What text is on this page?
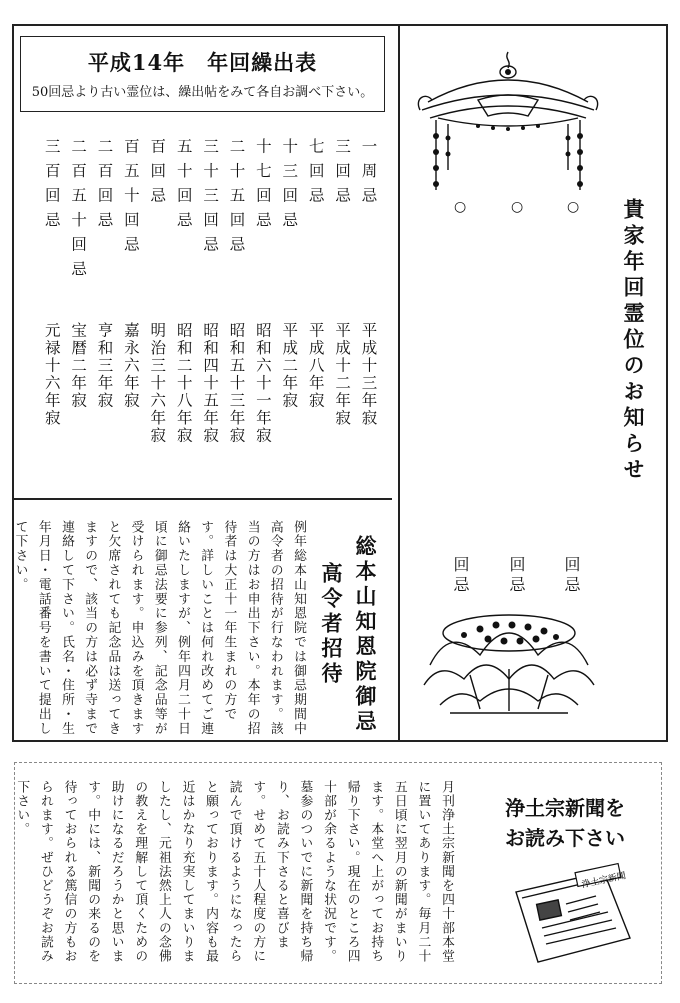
平成14年　年回繰出表
50回忌より古い霊位は、繰出帖をみて各自お調べ下さい。
一周忌
平成十三年寂
三回忌
平成十二年寂
七回忌
平成八年寂
十三回忌
平成二年寂
十七回忌
昭和六十一年寂
二十五回忌
昭和五十三年寂
三十三回忌
昭和四十五年寂
五十回忌
昭和二十八年寂
百回忌
明治三十六年寂
百五十回忌
嘉永六年寂
二百回忌
亨和三年寂
二百五十回忌
宝暦二年寂
三百回忌
元禄十六年寂
○	○	○ 貴家年回霊位のお知らせ
回忌 回忌 回忌
総本山知恩院御忌
高令者招待
例年総本山知恩院では御忌期間中高令者の招待が行なわれます。該当の方はお申出下さい。本年の招待者は大正十一年生まれの方です。詳しいことは何れ改めてご連絡いたしますが、例年四月二十日頃に御忌法要に参列、記念品等が受けられます。申込みを頂きますと欠席されても記念品は送ってきますので、該当の方は必ず寺まで連絡して下さい。氏名・住所・生年月日・電話番号を書いて提出して下さい。
浄土宗新聞を
お読み下さい
月刊浄土宗新聞を四十部本堂に置いてあります。毎月二十五日頃に翌月の新聞がまいります。本堂へ上がってお持ち帰り下さい。現在のところ四十部が余るような状況です。墓参のついでに新聞を持ち帰り、お読み下さると喜びます。せめて五十人程度の方に読んで頂けるようになったらと願っております。内容も最近はかなり充実してまいりましたし、元祖法然上人の念佛の教えを理解して頂くための助けになるだろうかと思います。中には、新聞の来るのを待っておられる篤信の方もおられます。ぜひどうぞお読み下さい。
浄土宗新聞
